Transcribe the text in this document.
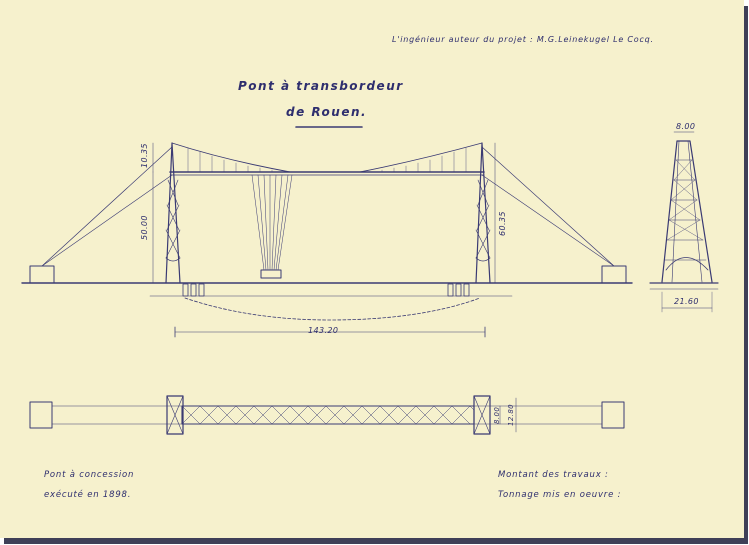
L'ingénieur auteur du projet : M.G.Leinekugel Le Cocq.
Pont à transbordeur
de Rouen.
10.35
50.00	60.35
143.20
8.00
21.60
8.00 12.80
Pont à concession
exécuté en 1898.
Montant des travaux :
Tonnage mis en oeuvre :
